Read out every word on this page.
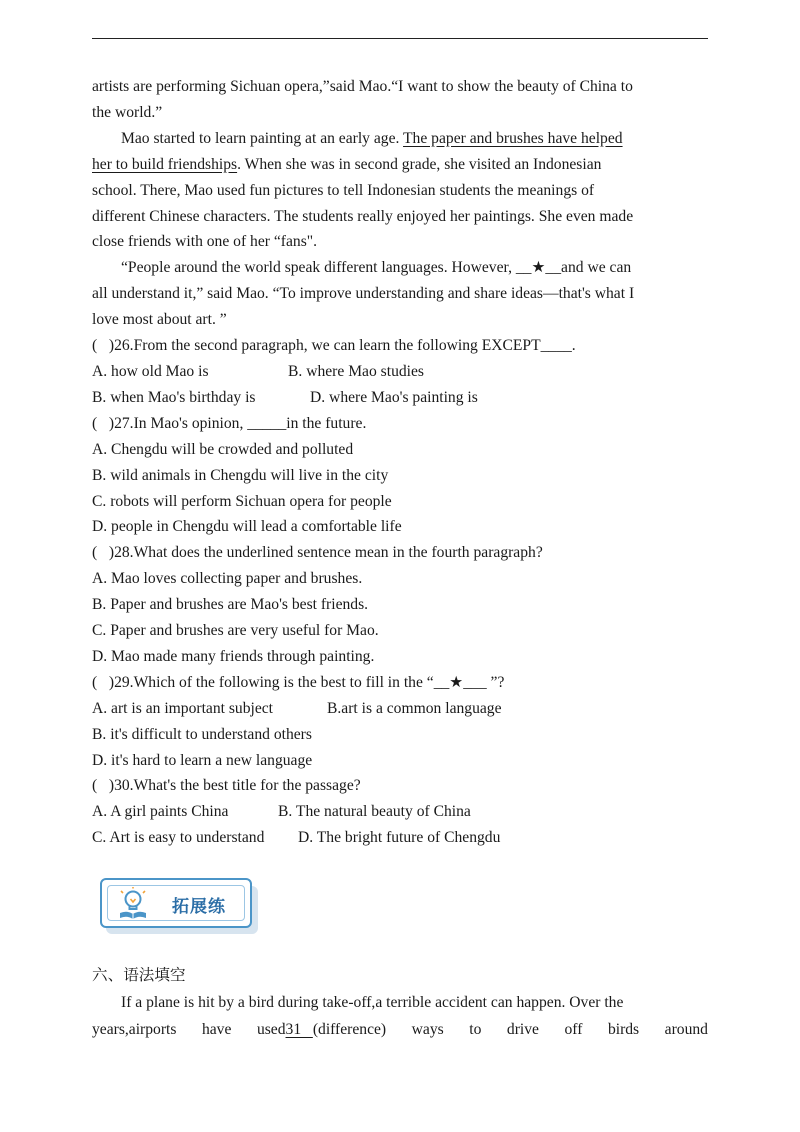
artists are performing Sichuan opera,”said Mao.“I want to show the beauty of China to
the world.”
Mao started to learn painting at an early age. The paper and brushes have helped
her to build friendships. When she was in second grade, she visited an Indonesian
school. There, Mao used fun pictures to tell Indonesian students the meanings of
different Chinese characters. The students really enjoyed her paintings. She even made
close friends with one of her “fans".
“People around the world speak different languages. However, __★__and we can
all understand it,” said Mao. “To improve understanding and share ideas—that's what I
love most about art. ”
(   )26.From the second paragraph, we can learn the following EXCEPT____.
A. how old Mao is	B. where Mao studies
B. when Mao's birthday is	D. where Mao's painting is
(   )27.In Mao's opinion, _____in the future.
A. Chengdu will be crowded and polluted
B. wild animals in Chengdu will live in the city
C. robots will perform Sichuan opera for people
D. people in Chengdu will lead a comfortable life
(   )28.What does the underlined sentence mean in the fourth paragraph?
A. Mao loves collecting paper and brushes.
B. Paper and brushes are Mao's best friends.
C. Paper and brushes are very useful for Mao.
D. Mao made many friends through painting.
(   )29.Which of the following is the best to fill in the “__★___ ”?
A. art is an important subject	B.art is a common language
B. it's difficult to understand others
D. it's hard to learn a new language
(   )30.What's the best title for the passage?
A. A girl paints China	B. The natural beauty of China
C. Art is easy to understand D. The bright future of Chengdu
拓展练
六、语法填空
If a plane is hit by a bird during take-off,a terrible accident can happen. Over the
years,airports have used31   (difference) ways to drive off birds around
